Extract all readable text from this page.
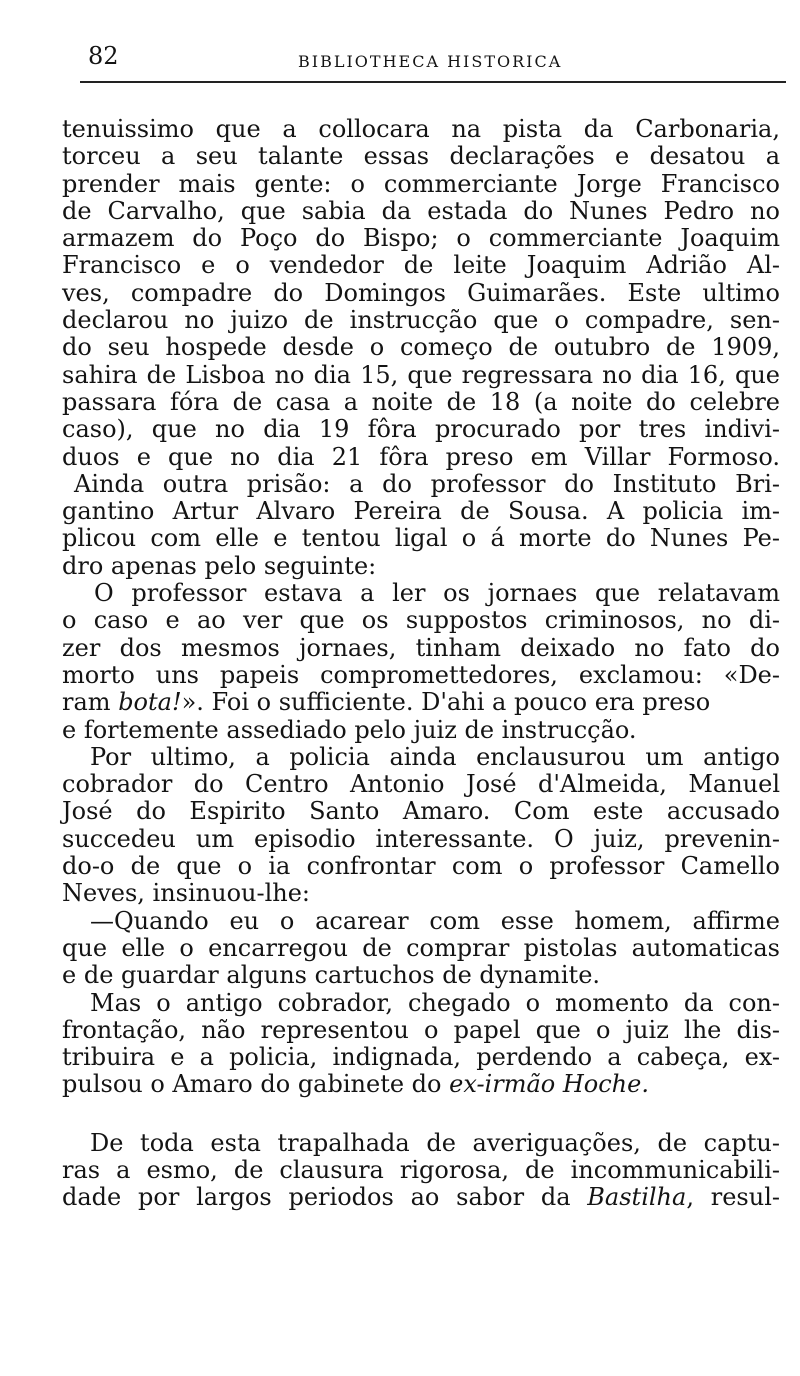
82	BIBLIOTHECA HISTORICA
tenuissimo que a collocara na pista da Carbonaria,
torceu a seu talante essas declarações e desatou a
prender mais gente: o commerciante Jorge Francisco
de Carvalho, que sabia da estada do Nunes Pedro no
armazem do Poço do Bispo; o commerciante Joaquim
Francisco e o vendedor de leite Joaquim Adrião Al-
ves, compadre do Domingos Guimarães. Este ultimo
declarou no juizo de instrucção que o compadre, sen-
do seu hospede desde o começo de outubro de 1909,
sahira de Lisboa no dia 15, que regressara no dia 16, que
passara fóra de casa a noite de 18 (a noite do celebre
caso), que no dia 19 fôra procurado por tres indivi-
duos e que no dia 21 fôra preso em Villar Formoso.
Ainda outra prisão: a do professor do Instituto Bri-
gantino Artur Alvaro Pereira de Sousa. A policia im-
plicou com elle e tentou ligal o á morte do Nunes Pe-
dro apenas pelo seguinte:
O professor estava a ler os jornaes que relatavam
o caso e ao ver que os suppostos criminosos, no di-
zer dos mesmos jornaes, tinham deixado no fato do
morto uns papeis compromettedores, exclamou: «De-
ram bota!». Foi o sufficiente. D'ahi a pouco era preso
e fortemente assediado pelo juiz de instrucção.
Por ultimo, a policia ainda enclausurou um antigo
cobrador do Centro Antonio José d'Almeida, Manuel
José do Espirito Santo Amaro. Com este accusado
succedeu um episodio interessante. O juiz, prevenin-
do-o de que o ia confrontar com o professor Camello
Neves, insinuou-lhe:
—Quando eu o acarear com esse homem, affirme
que elle o encarregou de comprar pistolas automaticas
e de guardar alguns cartuchos de dynamite.
Mas o antigo cobrador, chegado o momento da con-
frontação, não representou o papel que o juiz lhe dis-
tribuira e a policia, indignada, perdendo a cabeça, ex-
pulsou o Amaro do gabinete do ex-irmão Hoche.
De toda esta trapalhada de averiguações, de captu-
ras a esmo, de clausura rigorosa, de incommunicabili-
dade por largos periodos ao sabor da Bastilha, resul-
